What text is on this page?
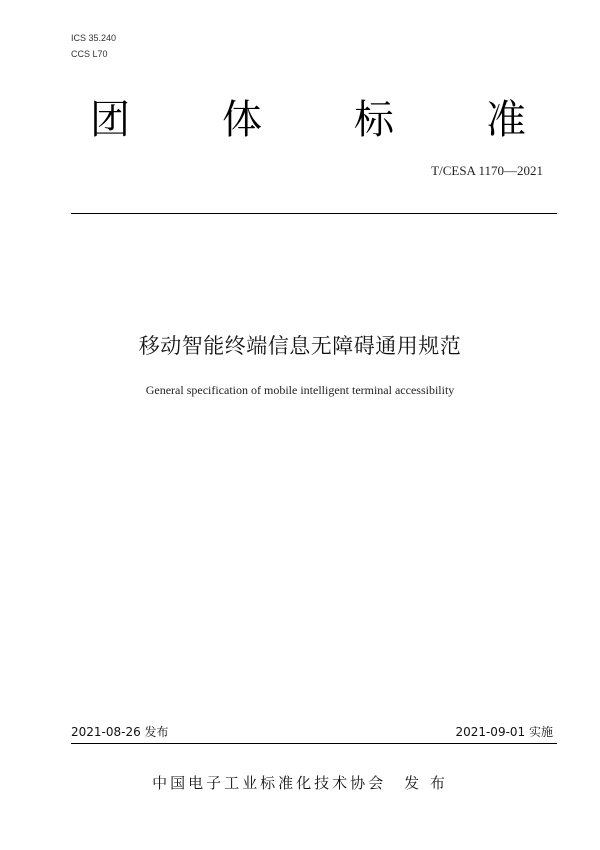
ICS 35.240
CCS L70
团 体 标 准
T/CESA 1170—2021
移动智能终端信息无障碍通用规范
General specification of mobile intelligent terminal accessibility
2021-08-26 发布	2021-09-01 实施
中国电子工业标准化技术协会 发 布
